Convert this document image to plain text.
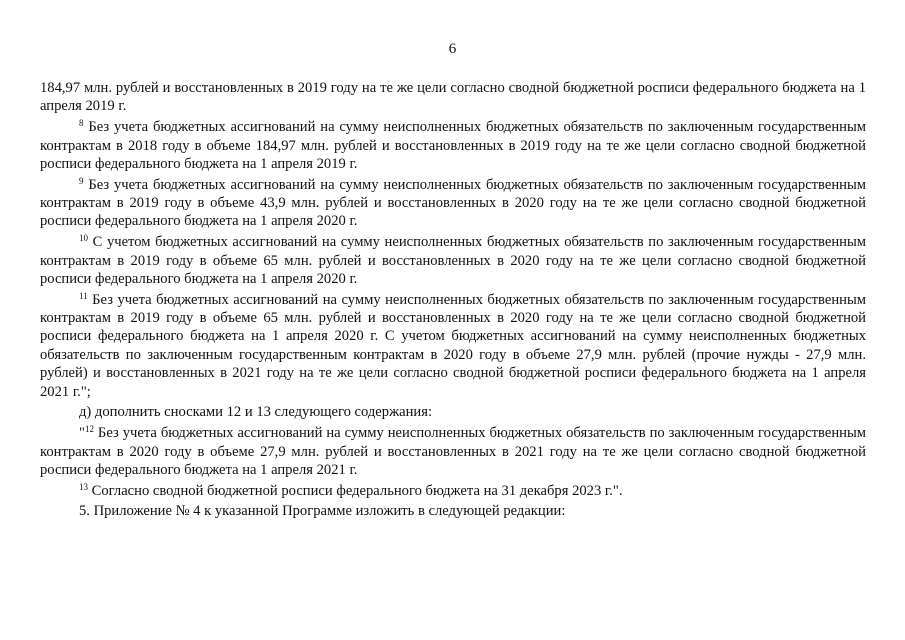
6

184,97 млн. рублей и восстановленных в 2019 году на те же цели согласно сводной бюджетной росписи федерального бюджета на 1 апреля 2019 г.

$^8$ Без учета бюджетных ассигнований на сумму неисполненных бюджетных обязательств по заключенным государственным контрактам в 2018 году в объеме 184,97 млн. рублей и восстановленных в 2019 году на те же цели согласно сводной бюджетной росписи федерального бюджета на 1 апреля 2019 г.

$^9$ Без учета бюджетных ассигнований на сумму неисполненных бюджетных обязательств по заключенным государственным контрактам в 2019 году в объеме 43,9 млн. рублей и восстановленных в 2020 году на те же цели согласно сводной бюджетной росписи федерального бюджета на 1 апреля 2020 г.

$^{10}$ С учетом бюджетных ассигнований на сумму неисполненных бюджетных обязательств по заключенным государственным контрактам в 2019 году в объеме 65 млн. рублей и восстановленных в 2020 году на те же цели согласно сводной бюджетной росписи федерального бюджета на 1 апреля 2020 г.

$^{11}$ Без учета бюджетных ассигнований на сумму неисполненных бюджетных обязательств по заключенным государственным контрактам в 2019 году в объеме 65 млн. рублей и восстановленных в 2020 году на те же цели согласно сводной бюджетной росписи федерального бюджета на 1 апреля 2020 г. С учетом бюджетных ассигнований на сумму неисполненных бюджетных обязательств по заключенным государственным контрактам в 2020 году в объеме 27,9 млн. рублей (прочие нужды - 27,9 млн. рублей) и восстановленных в 2021 году на те же цели согласно сводной бюджетной росписи федерального бюджета на 1 апреля 2021 г.";

д) дополнить сносками 12 и 13 следующего содержания:

"$^{12}$ Без учета бюджетных ассигнований на сумму неисполненных бюджетных обязательств по заключенным государственным контрактам в 2020 году в объеме 27,9 млн. рублей и восстановленных в 2021 году на те же цели согласно сводной бюджетной росписи федерального бюджета на 1 апреля 2021 г.

$^{13}$ Согласно сводной бюджетной росписи федерального бюджета на 31 декабря 2023 г.".

5. Приложение № 4 к указанной Программе изложить в следующей редакции:
